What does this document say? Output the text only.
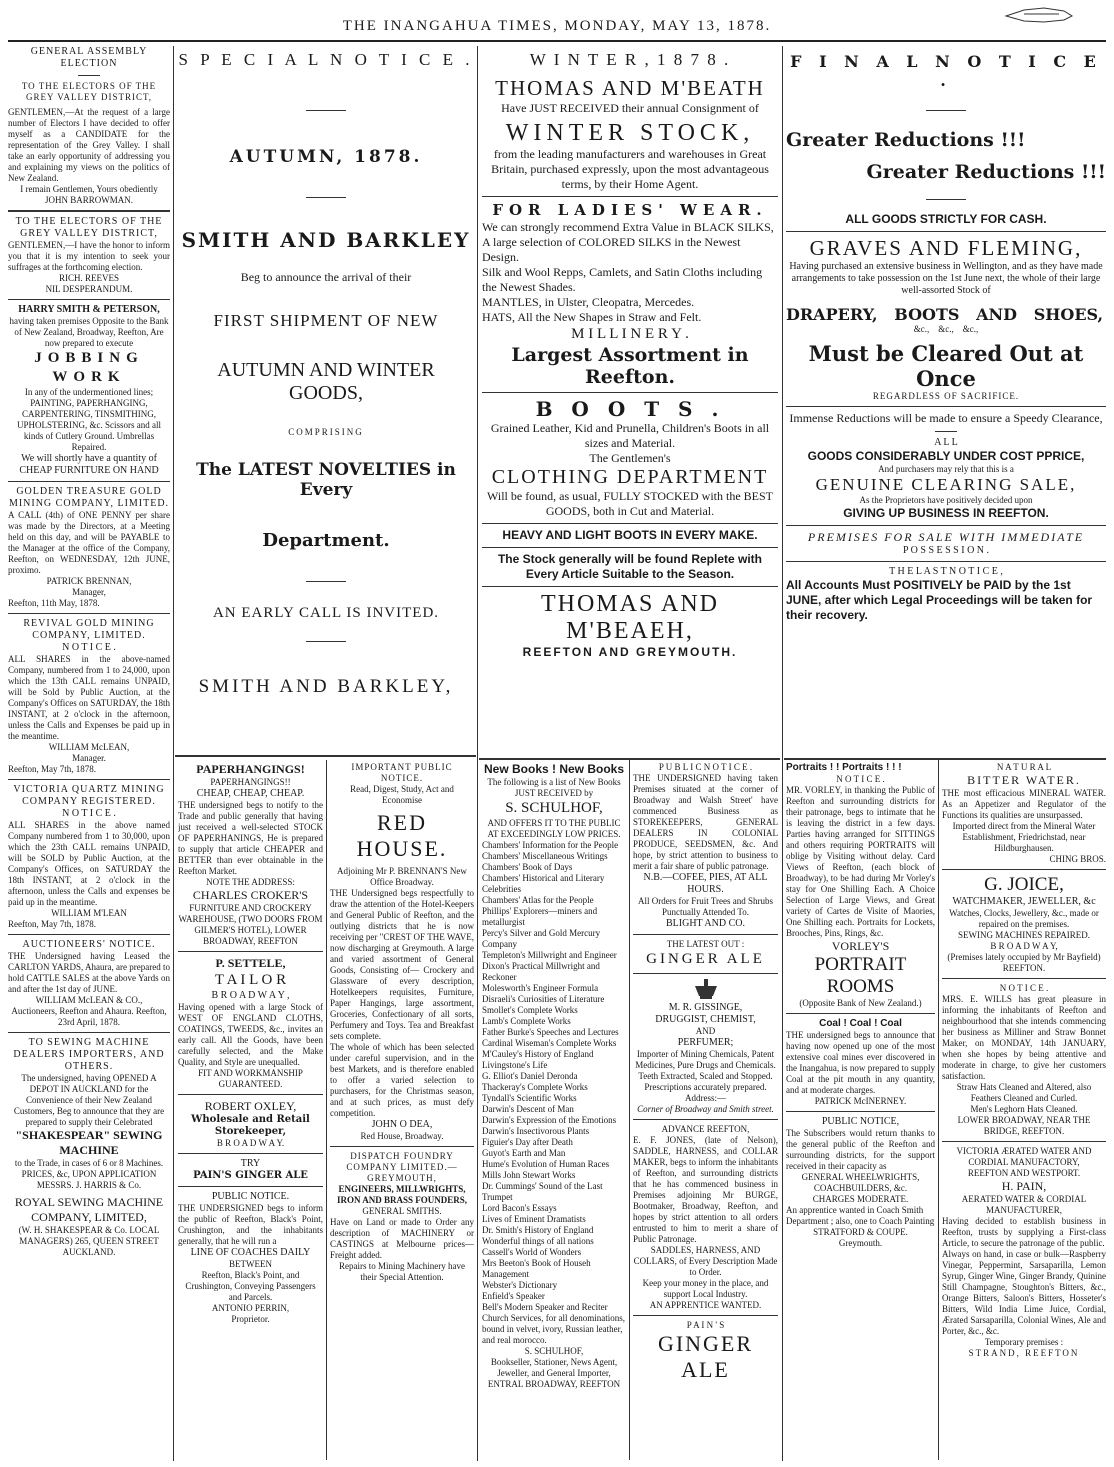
THE INANGAHUA TIMES, MONDAY, MAY 13, 1878.
GENERAL ASSEMBLY ELECTION
TO THE ELECTORS OF THE GREY VALLEY DISTRICT,
GENTLEMEN,—At the request of a large number of Electors I have decided to offer myself as a CANDIDATE for the representation of the Grey Valley. I shall take an early opportunity of addressing you and explaining my views on the politics of New Zealand.
I remain Gentlemen, Yours obediently
JOHN BARROWMAN.
TO THE ELECTORS OF THE GREY VALLEY DISTRICT,
GENTLEMEN,—I have the honor to inform you that it is my intention to seek your suffrages at the forthcoming election.
RICH. REEVES
NIL DESPERANDUM.
HARRY SMITH & PETERSON,
having taken premises Opposite to the Bank of New Zealand, Broadway, Reefton, Are now prepared to execute
JOBBING WORK
In any of the undermentioned lines; PAINTING, PAPERHANGING, CARPENTERING, TINSMITHING, UPHOLSTERING, &c. Scissors and all kinds of Cutlery Ground. Umbrellas Repaired.
We will shortly have a quantity of CHEAP FURNITURE ON HAND
GOLDEN TREASURE GOLD MINING COMPANY, LIMITED.
A CALL (4th) of ONE PENNY per share was made by the Directors, at a Meeting held on this day, and will be PAYABLE to the Manager at the office of the Company, Reefton, on WEDNESDAY, 12th JUNE, proximo.
PATRICK BRENNAN,
Manager,
Reefton, 11th May, 1878.
REVIVAL GOLD MINING COMPANY, LIMITED.
N O T I C E .
ALL SHARES in the above-named Company, numbered from 1 to 24,000, upon which the 13th CALL remains UNPAID, will be Sold by Public Auction, at the Company's Offices on SATURDAY, the 18th INSTANT, at 2 o'clock in the afternoon, unless the Calls and Expenses be paid up in the meantime.
WILLIAM McLEAN,
Manager.
Reefton, May 7th, 1878.
VICTORIA QUARTZ MINING COMPANY REGISTERED.
N O T I C E .
ALL SHARES in the above named Company numbered from 1 to 30,000, upon which the 23th CALL remains UNPAID, will be SOLD by Public Auction, at the Company's Offices, on SATURDAY the 18th INSTANT, at 2 o'clock in the afternoon, unless the Calls and expenses be paid up in the meantime.
WILLIAM M'LEAN
Reefton, May 7th, 1878.
AUCTIONEERS' NOTICE.
THE Undersigned having Leased the CARLTON YARDS, Ahaura, are prepared to hold CATTLE SALES at the above Yards on and after the 1st day of JUNE.
WILLIAM McLEAN & CO.,
Auctioneers, Reefton and Ahaura. Reefton, 23rd April, 1878.
TO SEWING MACHINE DEALERS IMPORTERS, AND OTHERS.
The undersigned, having OPENED A DEPOT IN AUCKLAND for the Convenience of their New Zealand Customers, Beg to announce that they are prepared to supply their Celebrated
"SHAKESPEAR" SEWING MACHINE
to the Trade, in cases of 6 or 8 Machines. PRICES, &c, UPON APPLICATION
MESSRS. J. HARRIS & Co.
ROYAL SEWING MACHINE COMPANY, LIMITED,
(W. H. SHAKESPEAR & Co. LOCAL MANAGERS) 265, QUEEN STREET AUCKLAND.
S P E C I A L N O T I C E .
AUTUMN, 1878.
SMITH AND BARKLEY
Beg to announce the arrival of their
FIRST SHIPMENT OF NEW
AUTUMN AND WINTER GOODS,
COMPRISING
The LATEST NOVELTIES in Every
Department.
AN EARLY CALL IS INVITED.
SMITH AND BARKLEY,
PAPERHANGINGS!
PAPERHANGINGS!!
CHEAP, CHEAP, CHEAP.
THE undersigned begs to notify to the Trade and public generally that having just received a well-selected STOCK OF PAPERHANINGS, He is prepared to supply that article CHEAPER and BETTER than ever obtainable in the Reefton Market.
NOTE THE ADDRESS:
CHARLES CROKER'S
FURNITURE AND CROCKERY WAREHOUSE, (TWO DOORS FROM GILMER'S HOTEL), LOWER BROADWAY, REEFTON
P. SETTELE,
T A I L O R
B R O A D W A Y ,
Having opened with a large Stock of WEST OF ENGLAND CLOTHS, COATINGS, TWEEDS, &c., invites an early call. All the Goods, have been carefully selected, and the Make Quality, and Style are unequalled.
FIT AND WORKMANSHIP GUARANTEED.
ROBERT OXLEY,
Wholesale and Retail Storekeeper,
B R O A D W A Y.
TRY
PAIN'S GINGER ALE
PUBLIC NOTICE.
THE UNDERSIGNED begs to inform the public of Reefton, Black's Point, Crushington, and the inhabitants generally, that he will run a
LINE OF COACHES DAILY
BETWEEN
Reefton, Black's Point, and Crushington, Conveying Passengers and Parcels.
ANTONIO PERRIN,
Proprietor.
IMPORTANT PUBLIC NOTICE.
Read, Digest, Study, Act and Economise
RED HOUSE.
Adjoining Mr P. BRENNAN'S New Office Broadway.
THE Undersigned begs respectfully to draw the attention of the Hotel-Keepers and General Public of Reefton, and the outlying districts that he is now receiving per "CREST OF THE WAVE, now discharging at Greymouth. A large and varied assortment of General Goods, Consisting of— Crockery and Glassware of every description, Hotelkeepers requisites, Furniture, Paper Hangings, large assortment, Groceries, Confectionary of all sorts, Perfumery and Toys. Tea and Breakfast sets complete.
The whole of which has been selected under careful supervision, and in the best Markets, and is therefore enabled to offer a varied selection to purchasers, for the Christmas season, and at such prices, as must defy competition.
JOHN O DEA,
Red House, Broadway.
DISPATCH FOUNDRY COMPANY LIMITED.—GREYMOUTH,
ENGINEERS, MILLWRIGHTS, IRON AND BRASS FOUNDERS,
GENERAL SMITHS.
Have on Land or made to Order any description of MACHINERY or CASTINGS at Melbourne prices—Freight added.
Repairs to Mining Machinery have their Special Attention.
W I N T E R , 1 8 7 8 .
THOMAS AND M'BEATH
Have JUST RECEIVED their annual Consignment of
WINTER STOCK,
from the leading manufacturers and warehouses in Great Britain, purchased expressly, upon the most advantageous terms, by their Home Agent.
FOR LADIES' WEAR.
We can strongly recommend Extra Value in BLACK SILKS,
A large selection of COLORED SILKS in the Newest Design.
Silk and Wool Repps, Camlets, and Satin Cloths including the Newest Shades.
MANTLES, in Ulster, Cleopatra, Mercedes.
HATS, All the New Shapes in Straw and Felt.
M I L L I N E R Y .
Largest Assortment in Reefton.
B O O T S .
Grained Leather, Kid and Prunella, Children's Boots in all sizes and Material.
The Gentlemen's
CLOTHING DEPARTMENT
Will be found, as usual, FULLY STOCKED with the BEST GOODS, both in Cut and Material.
HEAVY AND LIGHT BOOTS IN EVERY MAKE.
The Stock generally will be found Replete with Every Article Suitable to the Season.
THOMAS AND M'BEAEH,
REEFTON AND GREYMOUTH.
New Books ! New Books
The following is a list of New Books JUST RECEIVED by
S. SCHULHOF,
AND OFFERS IT TO THE PUBLIC AT EXCEEDINGLY LOW PRICES.
Chambers' Information for the People
Chambers' Miscellaneous Writings
Chambers' Book of Days
Chambers' Historical and Literary Celebrities
Chambers' Atlas for the People
Phillips' Explorers—miners and metallurgist
Percy's Silver and Gold Mercury Company
Templeton's Millwright and Engineer
Dixon's Practical Millwright and Reckoner
Molesworth's Engineer Formula
Disraeli's Curiosities of Literature
Smollet's Complete Works
Lamb's Complete Works
Father Burke's Speeches and Lectures
Cardinal Wiseman's Complete Works
M'Cauley's History of England
Livingstone's Life
G. Elliot's Daniel Deronda
Thackeray's Complete Works
Tyndall's Scientific Works
Darwin's Descent of Man
Darwin's Expression of the Emotions
Darwin's Insectivorous Plants
Figuier's Day after Death
Guyot's Earth and Man
Hume's Evolution of Human Races
Mills John Stewart Works
Dr. Cummings' Sound of the Last Trumpet
Lord Bacon's Essays
Lives of Eminent Dramatists
Dr. Smith's History of England
Wonderful things of all nations
Cassell's World of Wonders
Mrs Beeton's Book of Househ Management
Webster's Dictionary
Enfield's Speaker
Bell's Modern Speaker and Reciter
Church Services, for all denominations, bound in velvet, ivory, Russian leather, and real morocco.
S. SCHULHOF,
Bookseller, Stationer, News Agent, Jeweller, and General Importer,
ENTRAL BROADWAY, REEFTON
P U B L I C N O T I C E .
THE UNDERSIGNED having taken Premises situated at the corner of Broadway and Walsh Street' have commenced Business as STOREKEEPERS, GENERAL DEALERS IN COLONIAL PRODUCE, SEEDSMEN, &c. And hope, by strict attention to business to merit a fair share of public patronage.
N.B.—COFEE, PIES, AT ALL HOURS.
All Orders for Fruit Trees and Shrubs Punctually Attended To.
BLIGHT AND CO.
THE LATEST OUT :
GINGER ALE
M. R. GISSINGE,
DRUGGIST, CHEMIST,
AND
PERFUMER;
Importer of Mining Chemicals, Patent Medicines, Pure Drugs and Chemicals.
Teeth Extracted, Scaled and Stopped.
Prescriptions accurately prepared.
Address:—
Corner of Broadway and Smith street.
ADVANCE REEFTON,
E. F. JONES, (late of Nelson), SADDLE, HARNESS, and COLLAR MAKER, begs to inform the inhabitants of Reefton, and surrounding districts that he has commenced business in Premises adjoining Mr BURGE, Bootmaker, Broadway, Reefton, and hopes by strict attention to all orders entrusted to him to merit a share of Public Patronage.
SADDLES, HARNESS, AND COLLARS, of Every Description Made to Order.
Keep your money in the place, and support Local Industry.
AN APPRENTICE WANTED.
P A I N ' S
GINGER ALE
F I N A L N O T I C E .
Greater Reductions !!!
Greater Reductions !!!
ALL GOODS STRICTLY FOR CASH.
GRAVES AND FLEMING,
Having purchased an extensive business in Wellington, and as they have made arrangements to take possession on the 1st June next, the whole of their large well-assorted Stock of
DRAPERY,   BOOTS   AND   SHOES,
&c.,    &c.,    &c.,
Must be Cleared Out at Once
REGARDLESS OF SACRIFICE.
Immense Reductions will be made to ensure a Speedy Clearance,
A L L
GOODS CONSIDERABLY UNDER COST PPRICE,
And purchasers may rely that this is a
GENUINE CLEARING SALE,
As the Proprietors have positively decided upon
GIVING UP BUSINESS IN REEFTON.
PREMISES FOR SALE WITH IMMEDIATE
P O S S E S S I O N .
T H E L A S T N O T I C E ,
All Accounts Must POSITIVELY be PAID by the 1st JUNE, after which Legal Proceedings will be taken for their recovery.
Portraits ! ! Portraits ! ! !
N O T I C E .
MR. VORLEY, in thanking the Public of Reefton and surrounding districts for their patronage, begs to intimate that he is leaving the district in a few days. Parties having arranged for SITTINGS and others requiring PORTRAITS will oblige by Visiting without delay. Card Views of Reefton, (each block of Broadway), to be had during Mr Vorley's stay for One Shilling Each. A Choice Selection of Large Views, and Great variety of Cartes de Visite of Maories, One Shilling each. Portraits for Lockets, Brooches, Pins, Rings, &c.
VORLEY'S
PORTRAIT ROOMS
(Opposite Bank of New Zealand.)
Coal ! Coal ! Coal
THE undersigned begs to announce that having now opened up one of the most extensive coal mines ever discovered in the Inangahua, is now prepared to supply Coal at the pit mouth in any quantity, and at moderate charges.
PATRICK McINERNEY.
PUBLIC NOTICE,
The Subscribers would return thanks to the general public of the Reefton and surrounding districts, for the support received in their capacity as
GENERAL WHEELWRIGHTS, COACHBUILDERS, &c.
CHARGES MODERATE.
An apprentice wanted in Coach Smith Department ; also, one to Coach Painting
STRATFORD & COUPE.
Greymouth.
N A T U R A L
BITTER WATER.
THE most efficacious MINERAL WATER. As an Appetizer and Regulator of the Functions its qualities are unsurpassed.
Imported direct from the Mineral Water Establishment, Friedrichstad, near Hildburghausen.
CHING BROS.
G. JOICE,
WATCHMAKER, JEWELLER, &c
Watches, Clocks, Jewellery, &c., made or repaired on the premises.
SEWING MACHINES REPAIRED.
B R O A D W A Y,
(Premises lately occupied by Mr Bayfield) REEFTON.
N O T I C E .
MRS. E. WILLS has great pleasure in informing the inhabitants of Reefton and neighbourhood that she intends commencing her business as Milliner and Straw Bonnet Maker, on MONDAY, 14th JANUARY, when she hopes by being attentive and moderate in charge, to give her customers satisfaction.
Straw Hats Cleaned and Altered, also Feathers Cleaned and Curled.
Men's Leghorn Hats Cleaned.
LOWER BROADWAY, NEAR THE BRIDGE, REEFTON.
VICTORIA ÆRATED WATER AND CORDIAL MANUFACTORY,
REEFTON AND WESTPORT.
H. PAIN,
AERATED WATER & CORDIAL MANUFACTURER,
Having decided to establish business in Reefton, trusts by supplying a First-class Article, to secure the patronage of the public.
Always on hand, in case or bulk—Raspberry Vinegar, Peppermint, Sarsaparilla, Lemon Syrup, Ginger Wine, Ginger Brandy, Quinine Still Champagne, Stoughton's Bitters, &c., Orange Bitters, Saloon's Bitters, Hosseter's Bitters, Wild India Lime Juice, Cordial, Ærated Sarsaparilla, Colonial Wines, Ale and Porter, &c., &c.
Temporary premises :
STRAND, REEFTON
